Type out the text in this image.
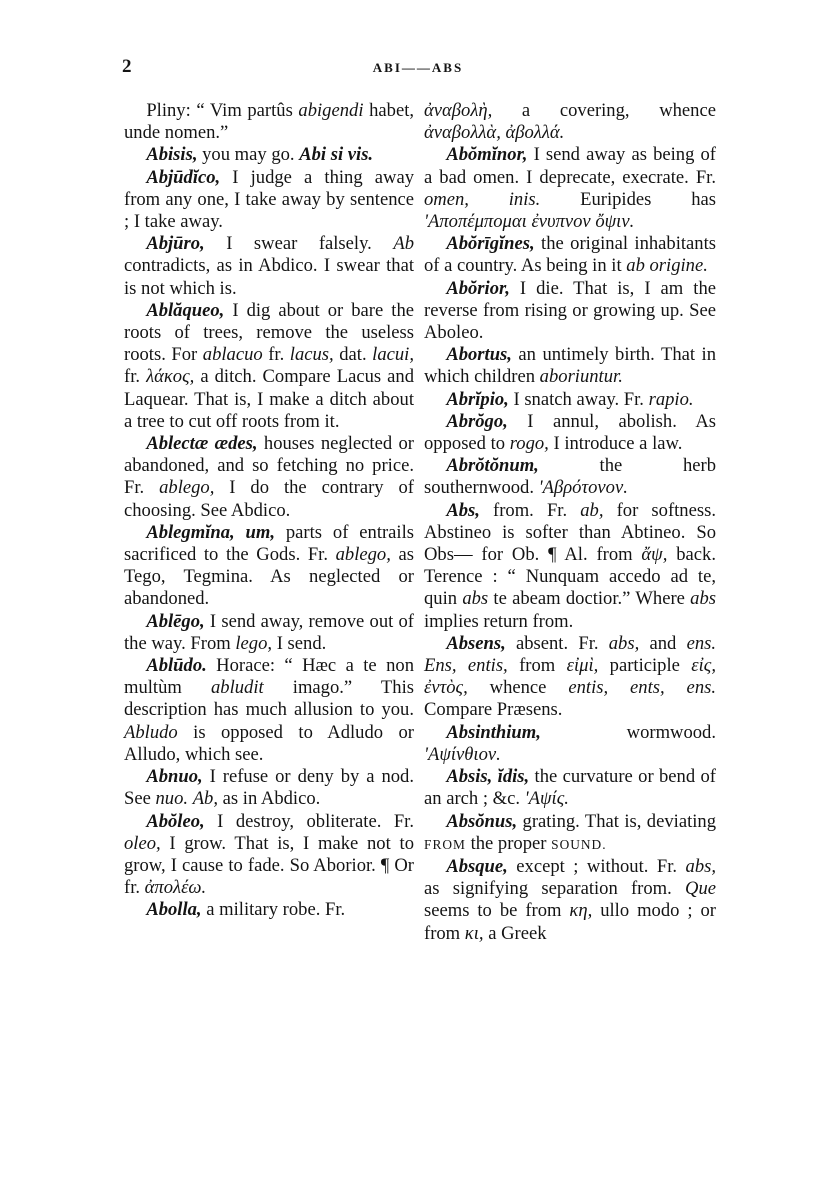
2	ABI——ABS

Pliny: “ Vim partûs abigendi habet, unde nomen.”

Abisis, you may go. Abi si vis.

Abjūdĭco, I judge a thing away from any one, I take away by sentence ; I take away.

Abjūro, I swear falsely. Ab contradicts, as in Abdico. I swear that is not which is.

Ablăqueo, I dig about or bare the roots of trees, remove the useless roots. For ablacuo fr. lacus, dat. lacui, fr. λάκος, a ditch. Compare Lacus and Laquear. That is, I make a ditch about a tree to cut off roots from it.

Ablectæ ædes, houses neglected or abandoned, and so fetching no price. Fr. ablego, I do the contrary of choosing. See Abdico.

Ablegmĭna, um, parts of entrails sacrificed to the Gods. Fr. ablego, as Tego, Tegmina. As neglected or abandoned.

Ablēgo, I send away, remove out of the way. From lego, I send.

Ablūdo. Horace: “ Hæc a te non multùm abludit imago.” This description has much allusion to you. Abludo is opposed to Adludo or Alludo, which see.

Abnuo, I refuse or deny by a nod. See nuo. Ab, as in Abdico.

Abŏleo, I destroy, obliterate. Fr. oleo, I grow. That is, I make not to grow, I cause to fade. So Aborior. ¶ Or fr. ἀπολέω.

Abolla, a military robe. Fr.

ἀναβολὴ, a covering, whence ἀναβολλὰ, ἀβολλά.

Abŏmĭnor, I send away as being of a bad omen. I deprecate, execrate. Fr. omen, inis. Euripides has 'Αποπέμπομαι ἐνυπνον ὄψιν.

Abŏrīgĭnes, the original inhabitants of a country. As being in it ab origine.

Abŏrior, I die. That is, I am the reverse from rising or growing up. See Aboleo.

Abortus, an untimely birth. That in which children aboriuntur.

Abrĭpio, I snatch away. Fr. rapio.

Abrŏgo, I annul, abolish. As opposed to rogo, I introduce a law.

Abrŏtŏnum, the herb southernwood. 'Αβρότονον.

Abs, from. Fr. ab, for softness. Abstineo is softer than Abtineo. So Obs— for Ob. ¶ Al. from ἄψ, back. Terence : “ Nunquam accedo ad te, quin abs te abeam doctior.” Where abs implies return from.

Absens, absent. Fr. abs, and ens. Ens, entis, from εἰμὶ, participle εἰς, ἐντὸς, whence entis, ents, ens. Compare Præsens.

Absinthium, wormwood. 'Αψίνθιον.

Absis, ĭdis, the curvature or bend of an arch ; &c. 'Αψίς.

Absŏnus, grating. That is, deviating FROM the proper SOUND.

Absque, except ; without. Fr. abs, as signifying separation from. Que seems to be from κη, ullo modo ; or from κι, a Greek
